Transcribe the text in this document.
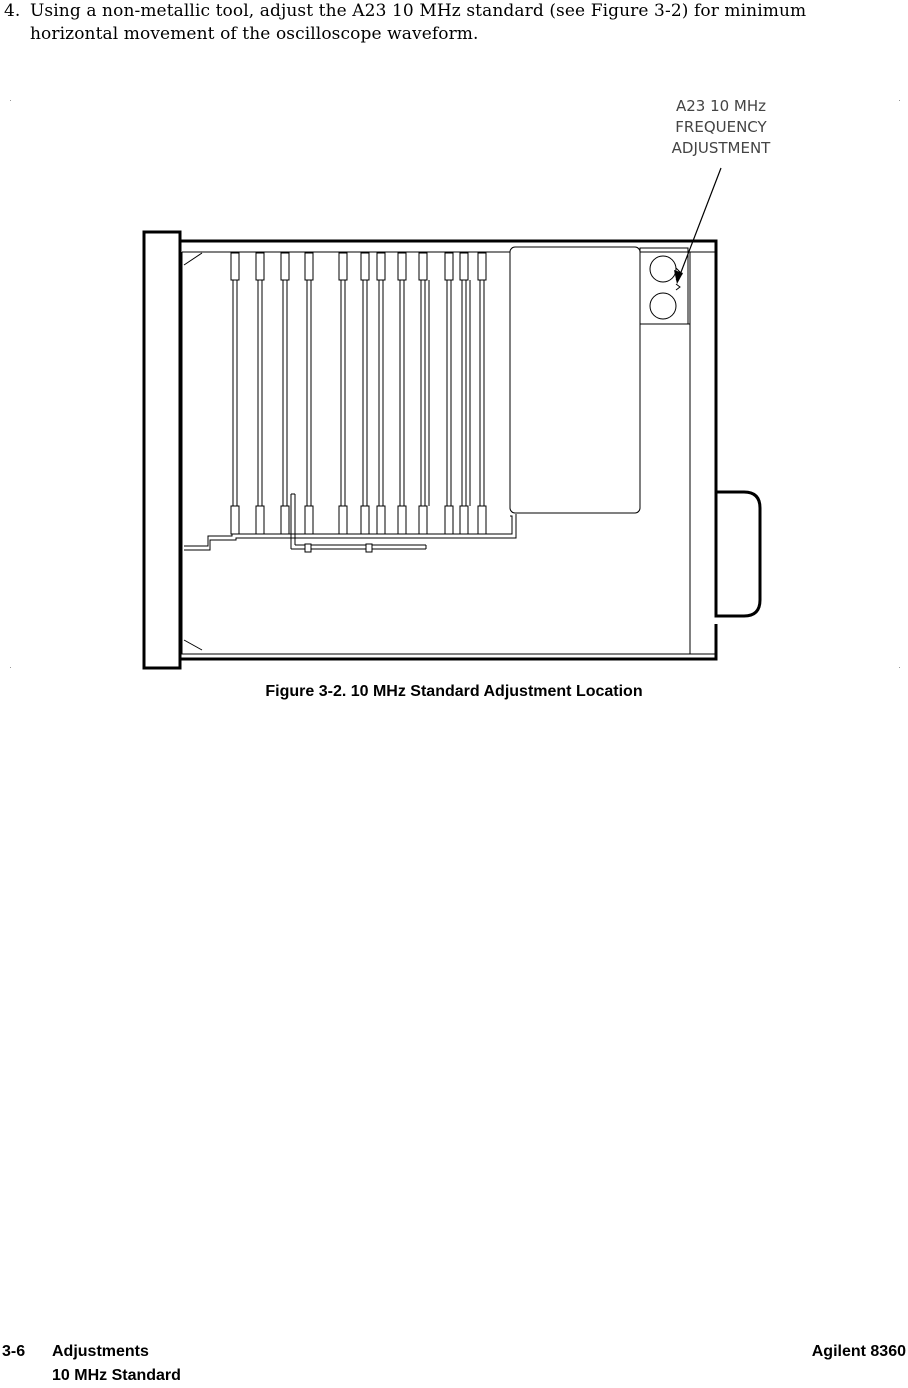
4. Using a non-metallic tool, adjust the A23 10 MHz standard (see Figure 3-2) for minimum horizontal movement of the oscilloscope waveform.
A23 10 MHz
FREQUENCY
ADJUSTMENT
Figure 3-2. 10 MHz Standard Adjustment Location
3-6 Adjustments
10 MHz Standard
Agilent 8360
